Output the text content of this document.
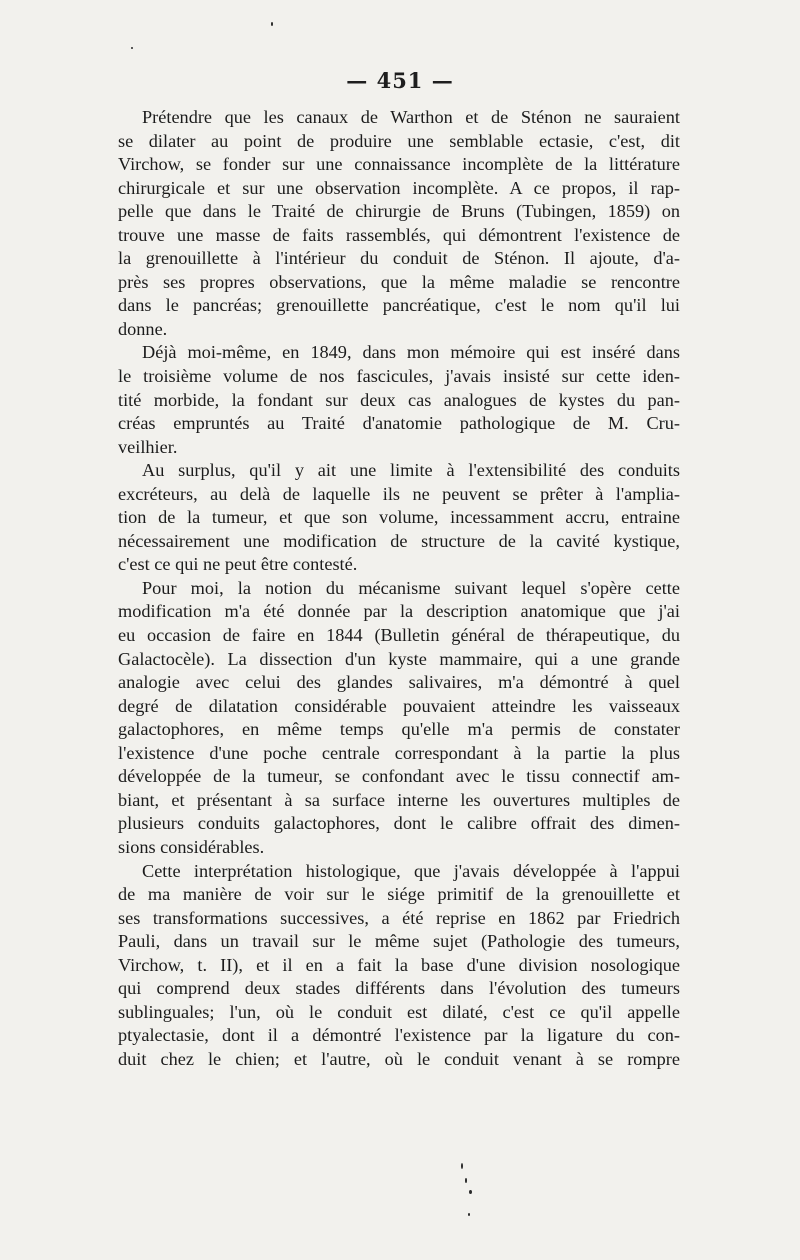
— 451 —
Prétendre que les canaux de Warthon et de Sténon ne sauraient
se dilater au point de produire une semblable ectasie, c'est, dit
Virchow, se fonder sur une connaissance incomplète de la littérature
chirurgicale et sur une observation incomplète. A ce propos, il rap-
pelle que dans le Traité de chirurgie de Bruns (Tubingen, 1859) on
trouve une masse de faits rassemblés, qui démontrent l'existence de
la grenouillette à l'intérieur du conduit de Sténon. Il ajoute, d'a-
près ses propres observations, que la même maladie se rencontre
dans le pancréas; grenouillette pancréatique, c'est le nom qu'il lui
donne.
Déjà moi-même, en 1849, dans mon mémoire qui est inséré dans
le troisième volume de nos fascicules, j'avais insisté sur cette iden-
tité morbide, la fondant sur deux cas analogues de kystes du pan-
créas empruntés au Traité d'anatomie pathologique de M. Cru-
veilhier.
Au surplus, qu'il y ait une limite à l'extensibilité des conduits
excréteurs, au delà de laquelle ils ne peuvent se prêter à l'amplia-
tion de la tumeur, et que son volume, incessamment accru, entraine
nécessairement une modification de structure de la cavité kystique,
c'est ce qui ne peut être contesté.
Pour moi, la notion du mécanisme suivant lequel s'opère cette
modification m'a été donnée par la description anatomique que j'ai
eu occasion de faire en 1844 (Bulletin général de thérapeutique, du
Galactocèle). La dissection d'un kyste mammaire, qui a une grande
analogie avec celui des glandes salivaires, m'a démontré à quel
degré de dilatation considérable pouvaient atteindre les vaisseaux
galactophores, en même temps qu'elle m'a permis de constater
l'existence d'une poche centrale correspondant à la partie la plus
développée de la tumeur, se confondant avec le tissu connectif am-
biant, et présentant à sa surface interne les ouvertures multiples de
plusieurs conduits galactophores, dont le calibre offrait des dimen-
sions considérables.
Cette interprétation histologique, que j'avais développée à l'appui
de ma manière de voir sur le siége primitif de la grenouillette et
ses transformations successives, a été reprise en 1862 par Friedrich
Pauli, dans un travail sur le même sujet (Pathologie des tumeurs,
Virchow, t. II), et il en a fait la base d'une division nosologique
qui comprend deux stades différents dans l'évolution des tumeurs
sublinguales; l'un, où le conduit est dilaté, c'est ce qu'il appelle
ptyalectasie, dont il a démontré l'existence par la ligature du con-
duit chez le chien; et l'autre, où le conduit venant à se rompre
